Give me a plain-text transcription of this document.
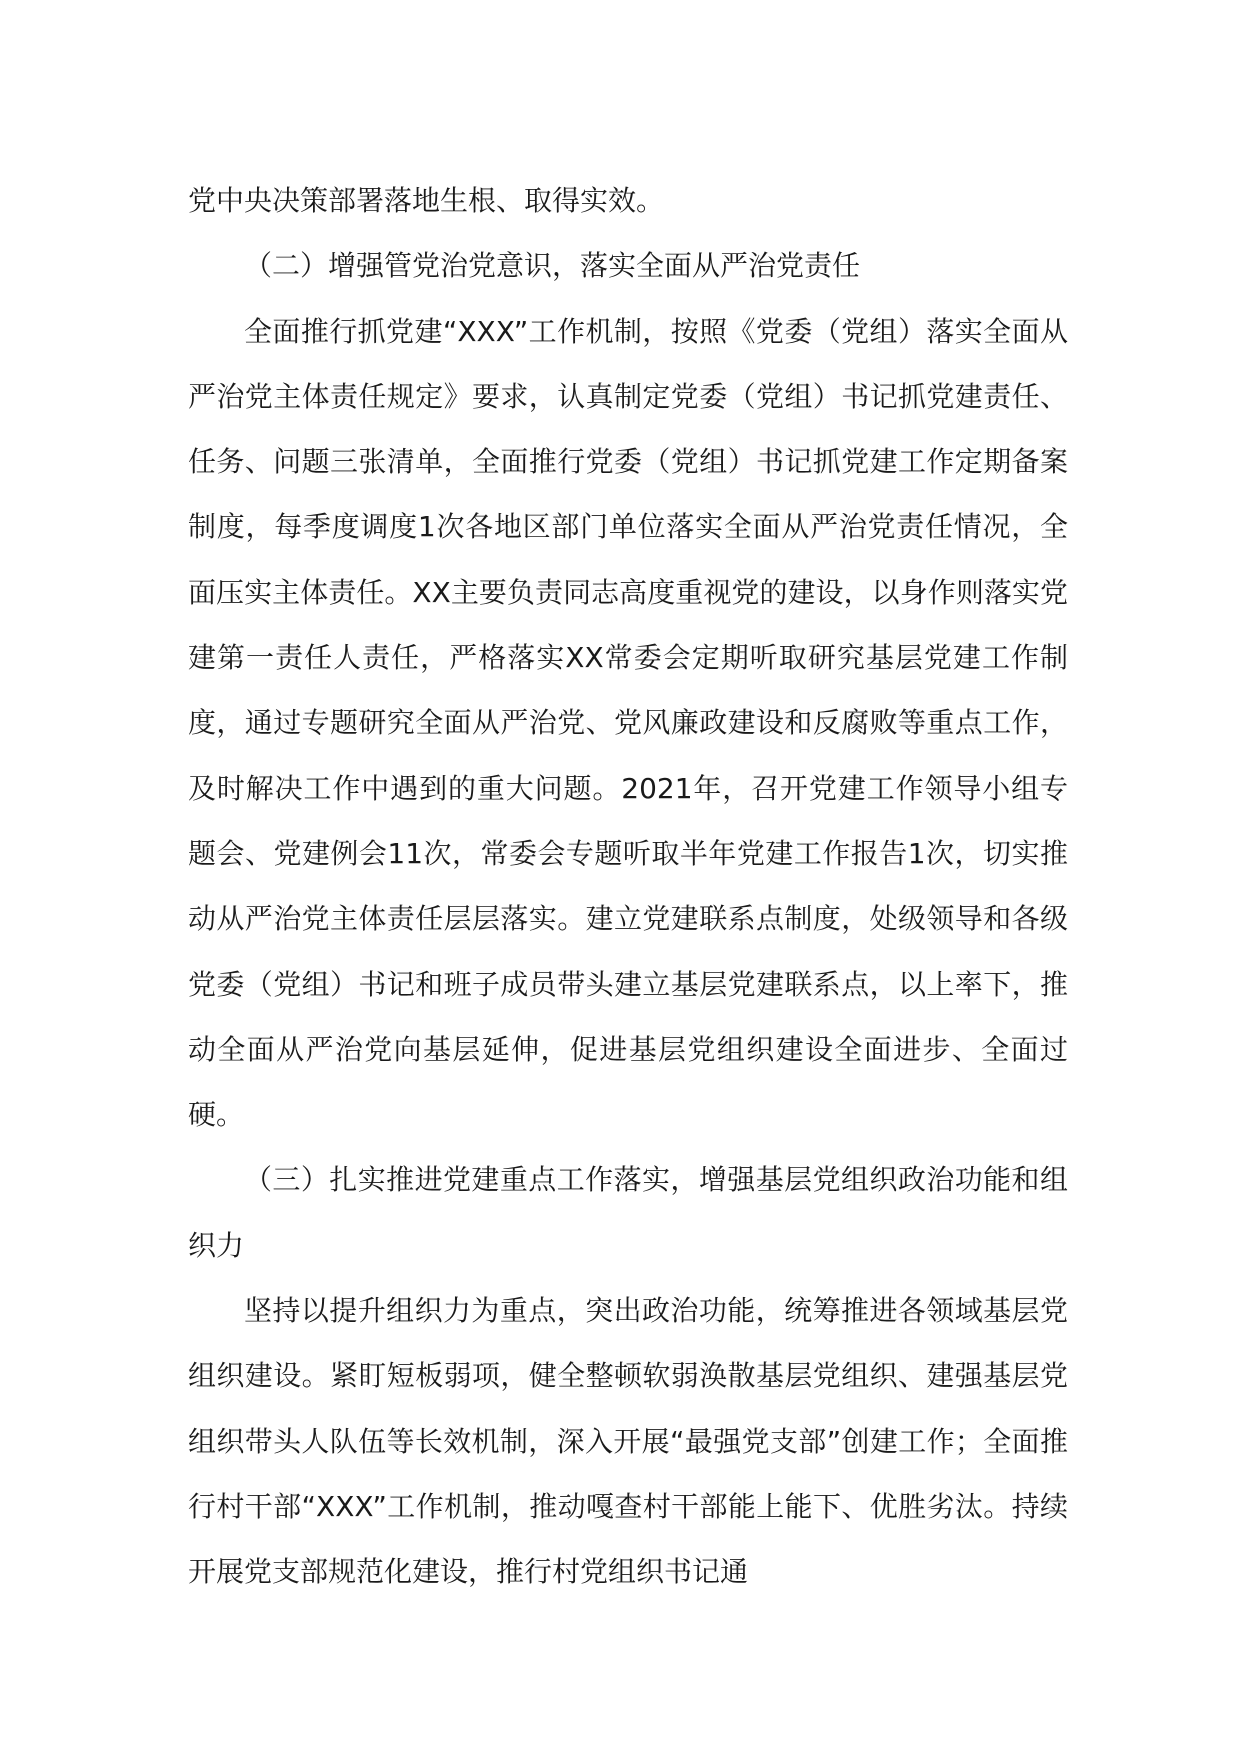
党中央决策部署落地生根、取得实效。

（二）增强管党治党意识，落实全面从严治党责任

全面推行抓党建“XXX”工作机制，按照《党委（党组）落实全面从严治党主体责任规定》要求，认真制定党委（党组）书记抓党建责任、任务、问题三张清单，全面推行党委（党组）书记抓党建工作定期备案制度，每季度调度1次各地区部门单位落实全面从严治党责任情况，全面压实主体责任。XX主要负责同志高度重视党的建设，以身作则落实党建第一责任人责任，严格落实XX常委会定期听取研究基层党建工作制度，通过专题研究全面从严治党、党风廉政建设和反腐败等重点工作，及时解决工作中遇到的重大问题。2021年，召开党建工作领导小组专题会、党建例会11次，常委会专题听取半年党建工作报告1次，切实推动从严治党主体责任层层落实。建立党建联系点制度，处级领导和各级党委（党组）书记和班子成员带头建立基层党建联系点，以上率下，推动全面从严治党向基层延伸，促进基层党组织建设全面进步、全面过硬。

（三）扎实推进党建重点工作落实，增强基层党组织政治功能和组织力

坚持以提升组织力为重点，突出政治功能，统筹推进各领域基层党组织建设。紧盯短板弱项，健全整顿软弱涣散基层党组织、建强基层党组织带头人队伍等长效机制，深入开展“最强党支部”创建工作；全面推行村干部“XXX”工作机制，推动嘎查村干部能上能下、优胜劣汰。持续开展党支部规范化建设，推行村党组织书记通
